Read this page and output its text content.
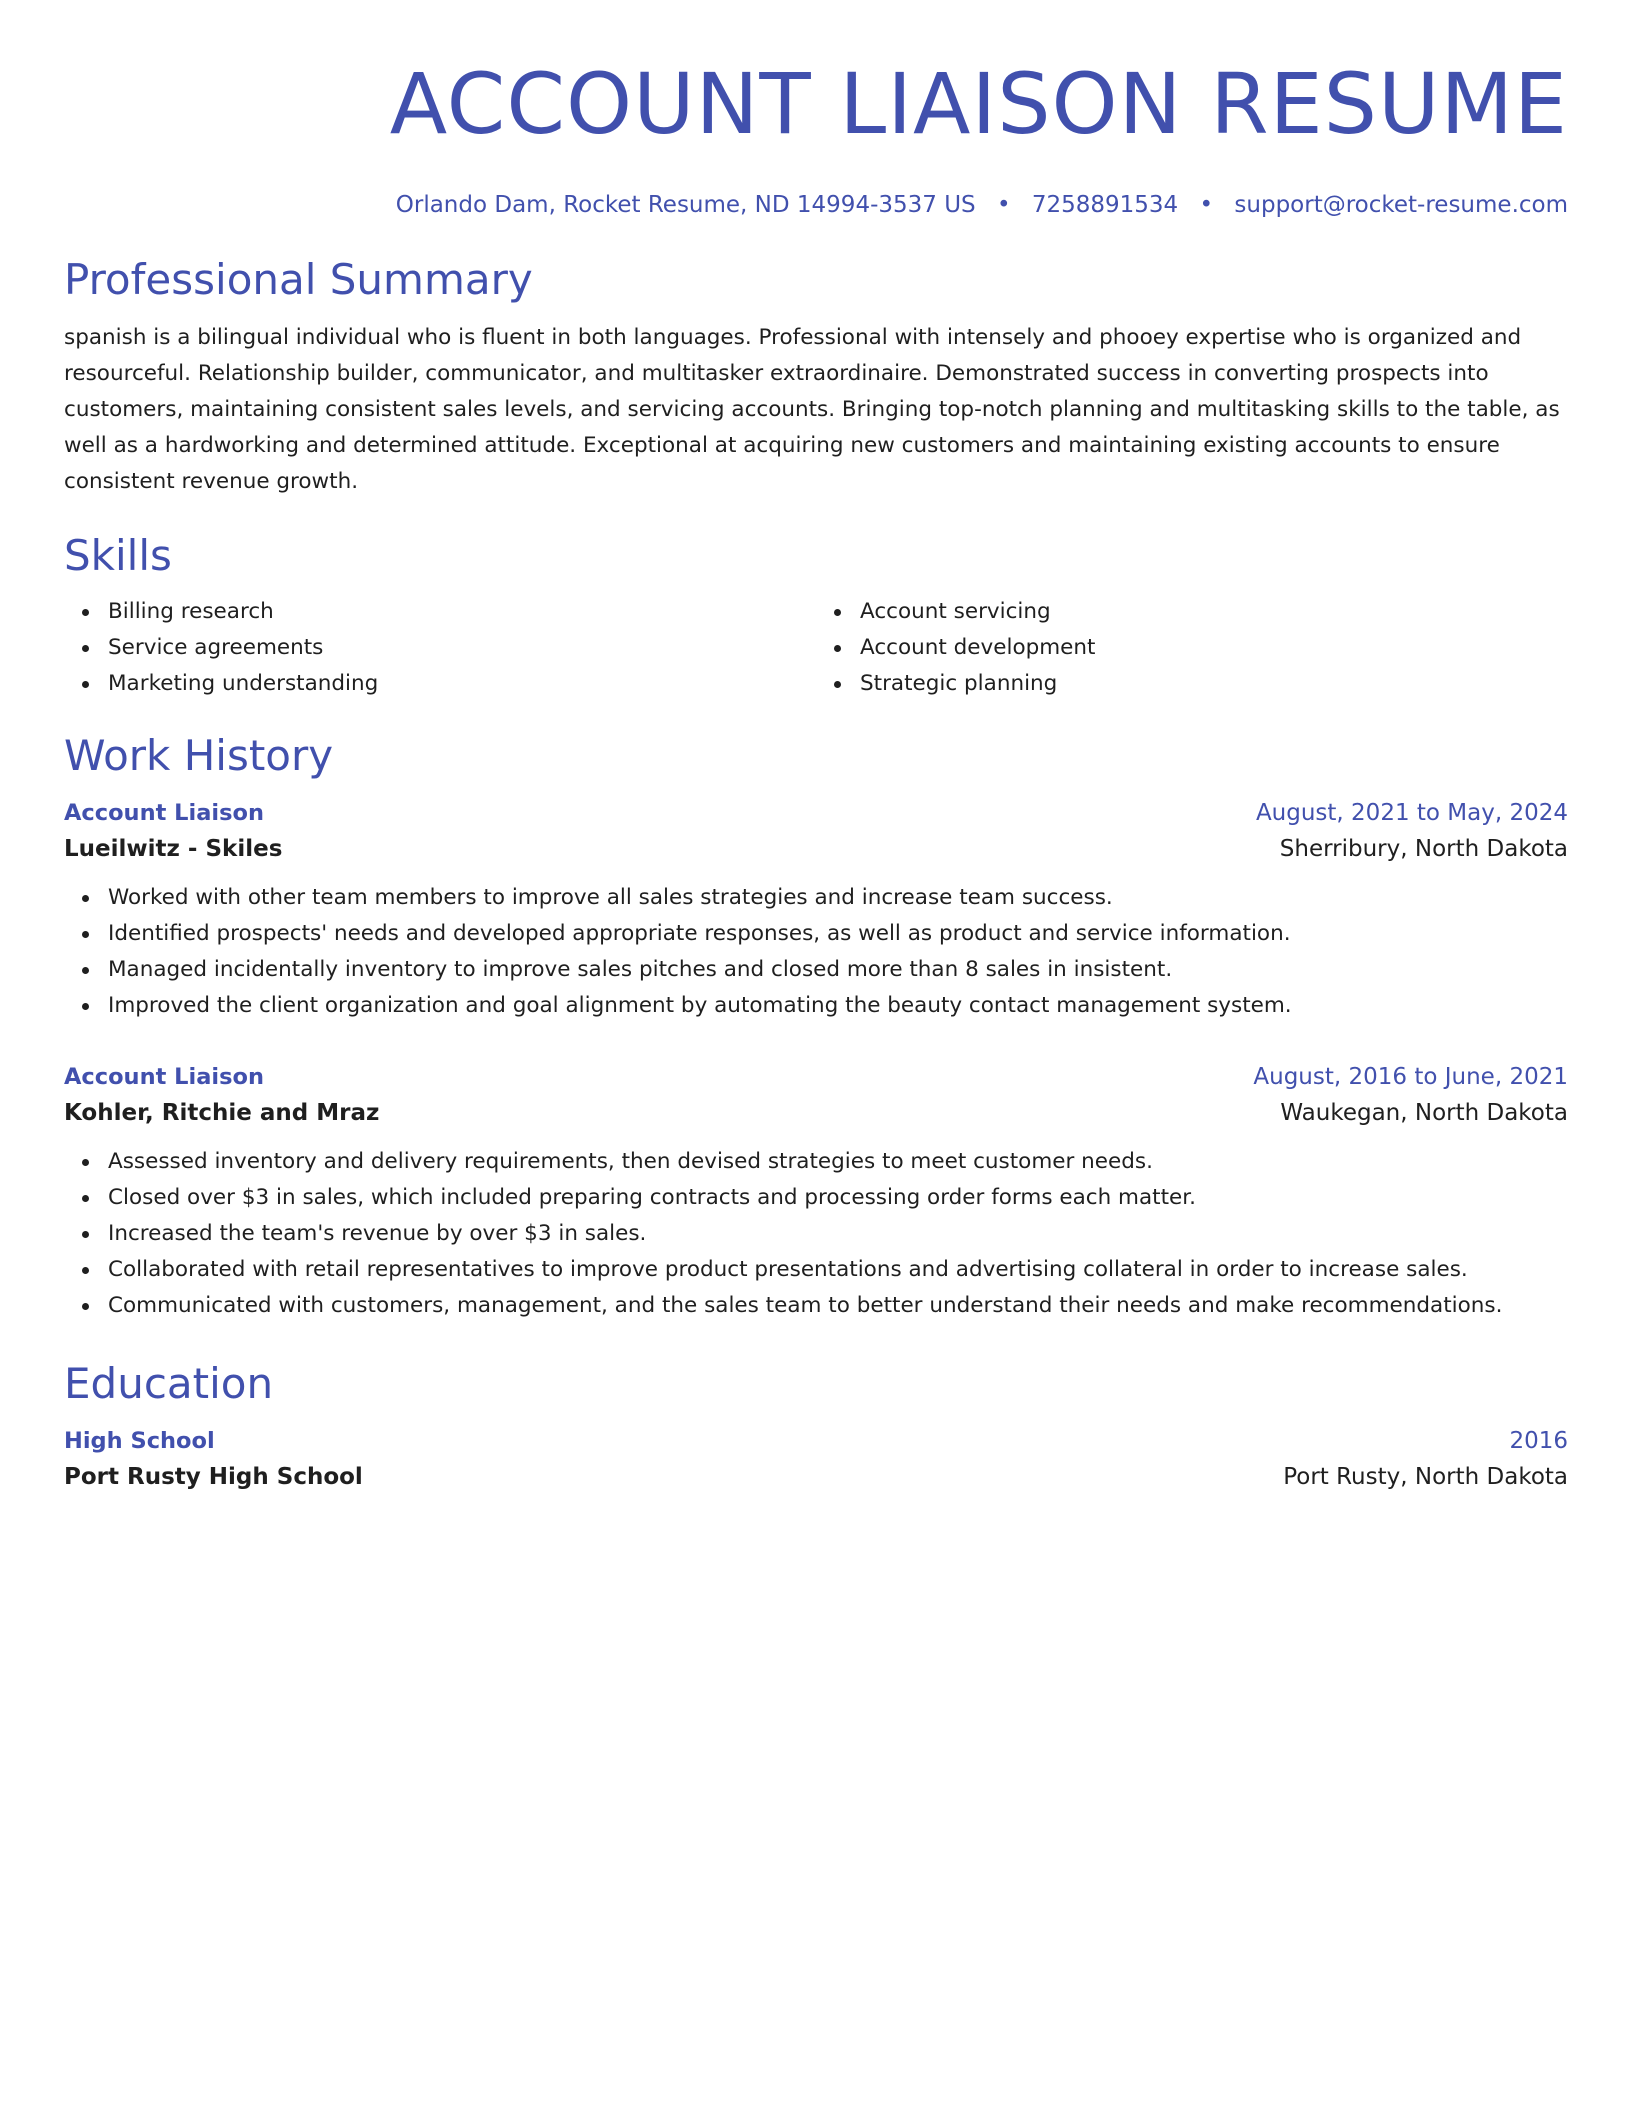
ACCOUNT LIAISON RESUME
Orlando Dam, Rocket Resume, ND 14994-3537 US • 7258891534 • support@rocket-resume.com
Professional Summary
spanish is a bilingual individual who is fluent in both languages. Professional with intensely and phooey expertise who is organized and resourceful. Relationship builder, communicator, and multitasker extraordinaire. Demonstrated success in converting prospects into customers, maintaining consistent sales levels, and servicing accounts. Bringing top-notch planning and multitasking skills to the table, as well as a hardworking and determined attitude. Exceptional at acquiring new customers and maintaining existing accounts to ensure consistent revenue growth.
Skills
Billing research
Service agreements
Marketing understanding
Account servicing
Account development
Strategic planning
Work History
Account Liaison	August, 2021 to May, 2024
Lueilwitz - Skiles	Sherribury, North Dakota
Worked with other team members to improve all sales strategies and increase team success.
Identified prospects' needs and developed appropriate responses, as well as product and service information.
Managed incidentally inventory to improve sales pitches and closed more than 8 sales in insistent.
Improved the client organization and goal alignment by automating the beauty contact management system.
Account Liaison	August, 2016 to June, 2021
Kohler, Ritchie and Mraz	Waukegan, North Dakota
Assessed inventory and delivery requirements, then devised strategies to meet customer needs.
Closed over $3 in sales, which included preparing contracts and processing order forms each matter.
Increased the team's revenue by over $3 in sales.
Collaborated with retail representatives to improve product presentations and advertising collateral in order to increase sales.
Communicated with customers, management, and the sales team to better understand their needs and make recommendations.
Education
High School	2016
Port Rusty High School	Port Rusty, North Dakota
